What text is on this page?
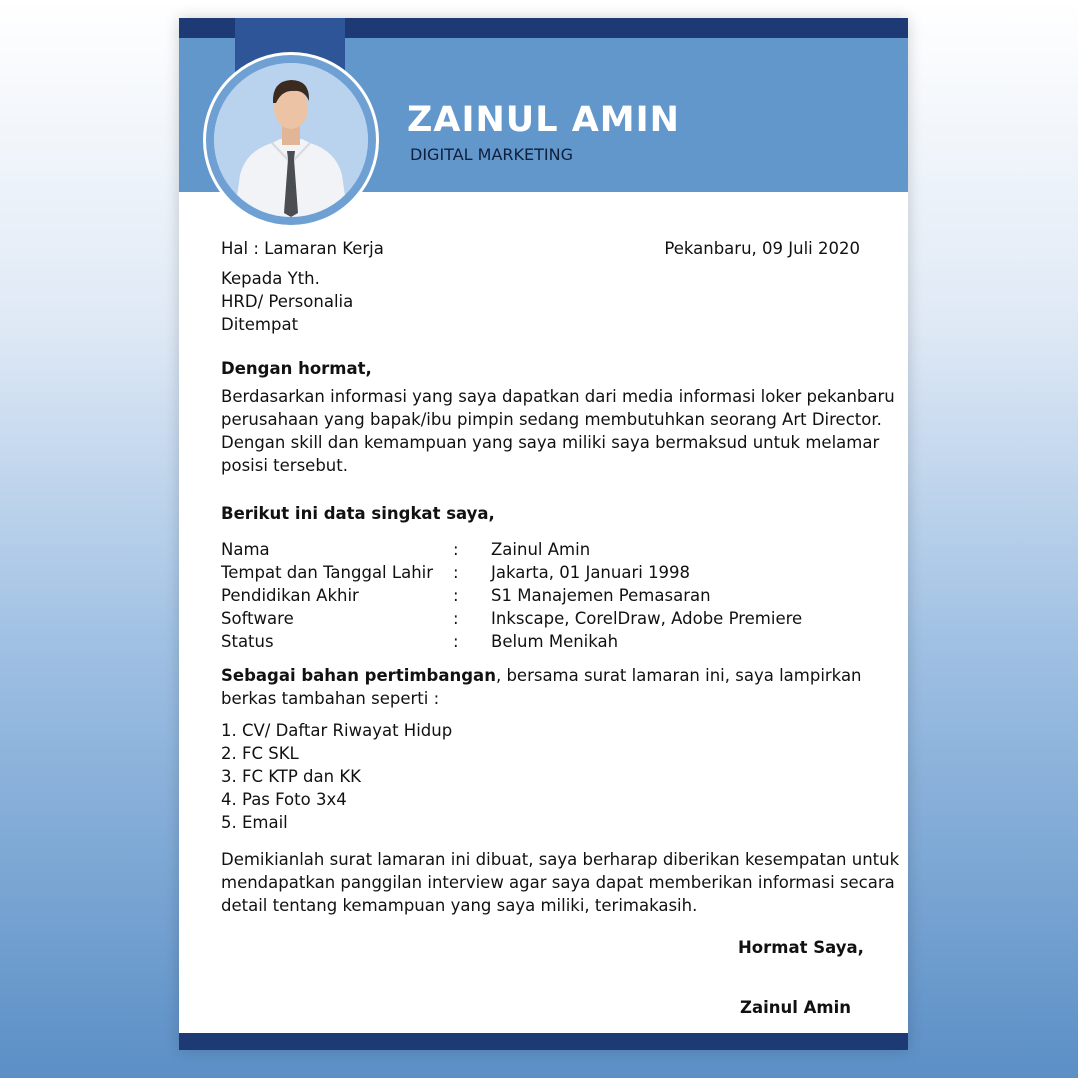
ZAINUL AMIN
DIGITAL MARKETING
Hal : Lamaran Kerja	Pekanbaru, 09 Juli 2020
Kepada Yth.
HRD/ Personalia
Ditempat
Dengan hormat,
Berdasarkan informasi yang saya dapatkan dari media informasi loker pekanbaru
perusahaan yang bapak/ibu pimpin sedang membutuhkan seorang Art Director.
Dengan skill dan kemampuan yang saya miliki saya bermaksud untuk melamar
posisi tersebut.
Berikut ini data singkat saya,
Nama	: Zainul Amin
Tempat dan Tanggal Lahir : Jakarta, 01 Januari 1998
Pendidikan Akhir	: S1 Manajemen Pemasaran
Software	: Inkscape, CorelDraw, Adobe Premiere
Status	: Belum Menikah
Sebagai bahan pertimbangan, bersama surat lamaran ini, saya lampirkan
berkas tambahan seperti :
1. CV/ Daftar Riwayat Hidup
2. FC SKL
3. FC KTP dan KK
4. Pas Foto 3x4
5. Email
Demikianlah surat lamaran ini dibuat, saya berharap diberikan kesempatan untuk
mendapatkan panggilan interview agar saya dapat memberikan informasi secara
detail tentang kemampuan yang saya miliki, terimakasih.
Hormat Saya,
Zainul Amin
